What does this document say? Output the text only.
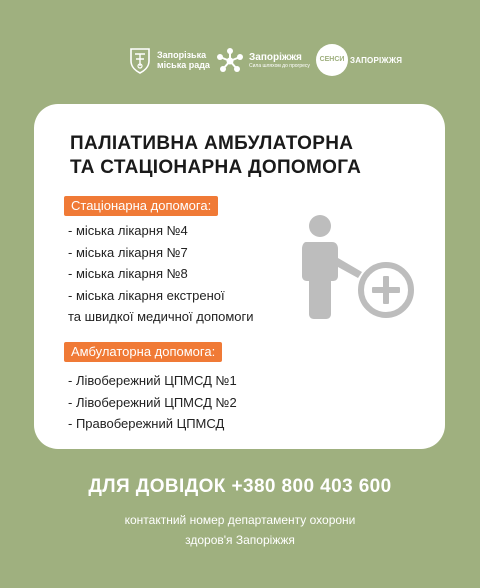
Запорізька
міська рада
Запоріжжя
Сила шляхом до прогресу
СЕНСИ ЗАПОРІЖЖЯ
ПАЛІАТИВНА АМБУЛАТОРНА
ТА СТАЦІОНАРНА ДОПОМОГА
Стаціонарна допомога:
- міська лікарня №4
- міська лікарня №7
- міська лікарня №8
- міська лікарня екстреної
та швидкої медичної допомоги
Амбулаторна допомога:
- Лівобережний ЦПМСД №1
- Лівобережний ЦПМСД №2
- Правобережний ЦПМСД
ДЛЯ ДОВІДОК +380 800 403 600
контактний номер департаменту охорони
здоров'я Запоріжжя
